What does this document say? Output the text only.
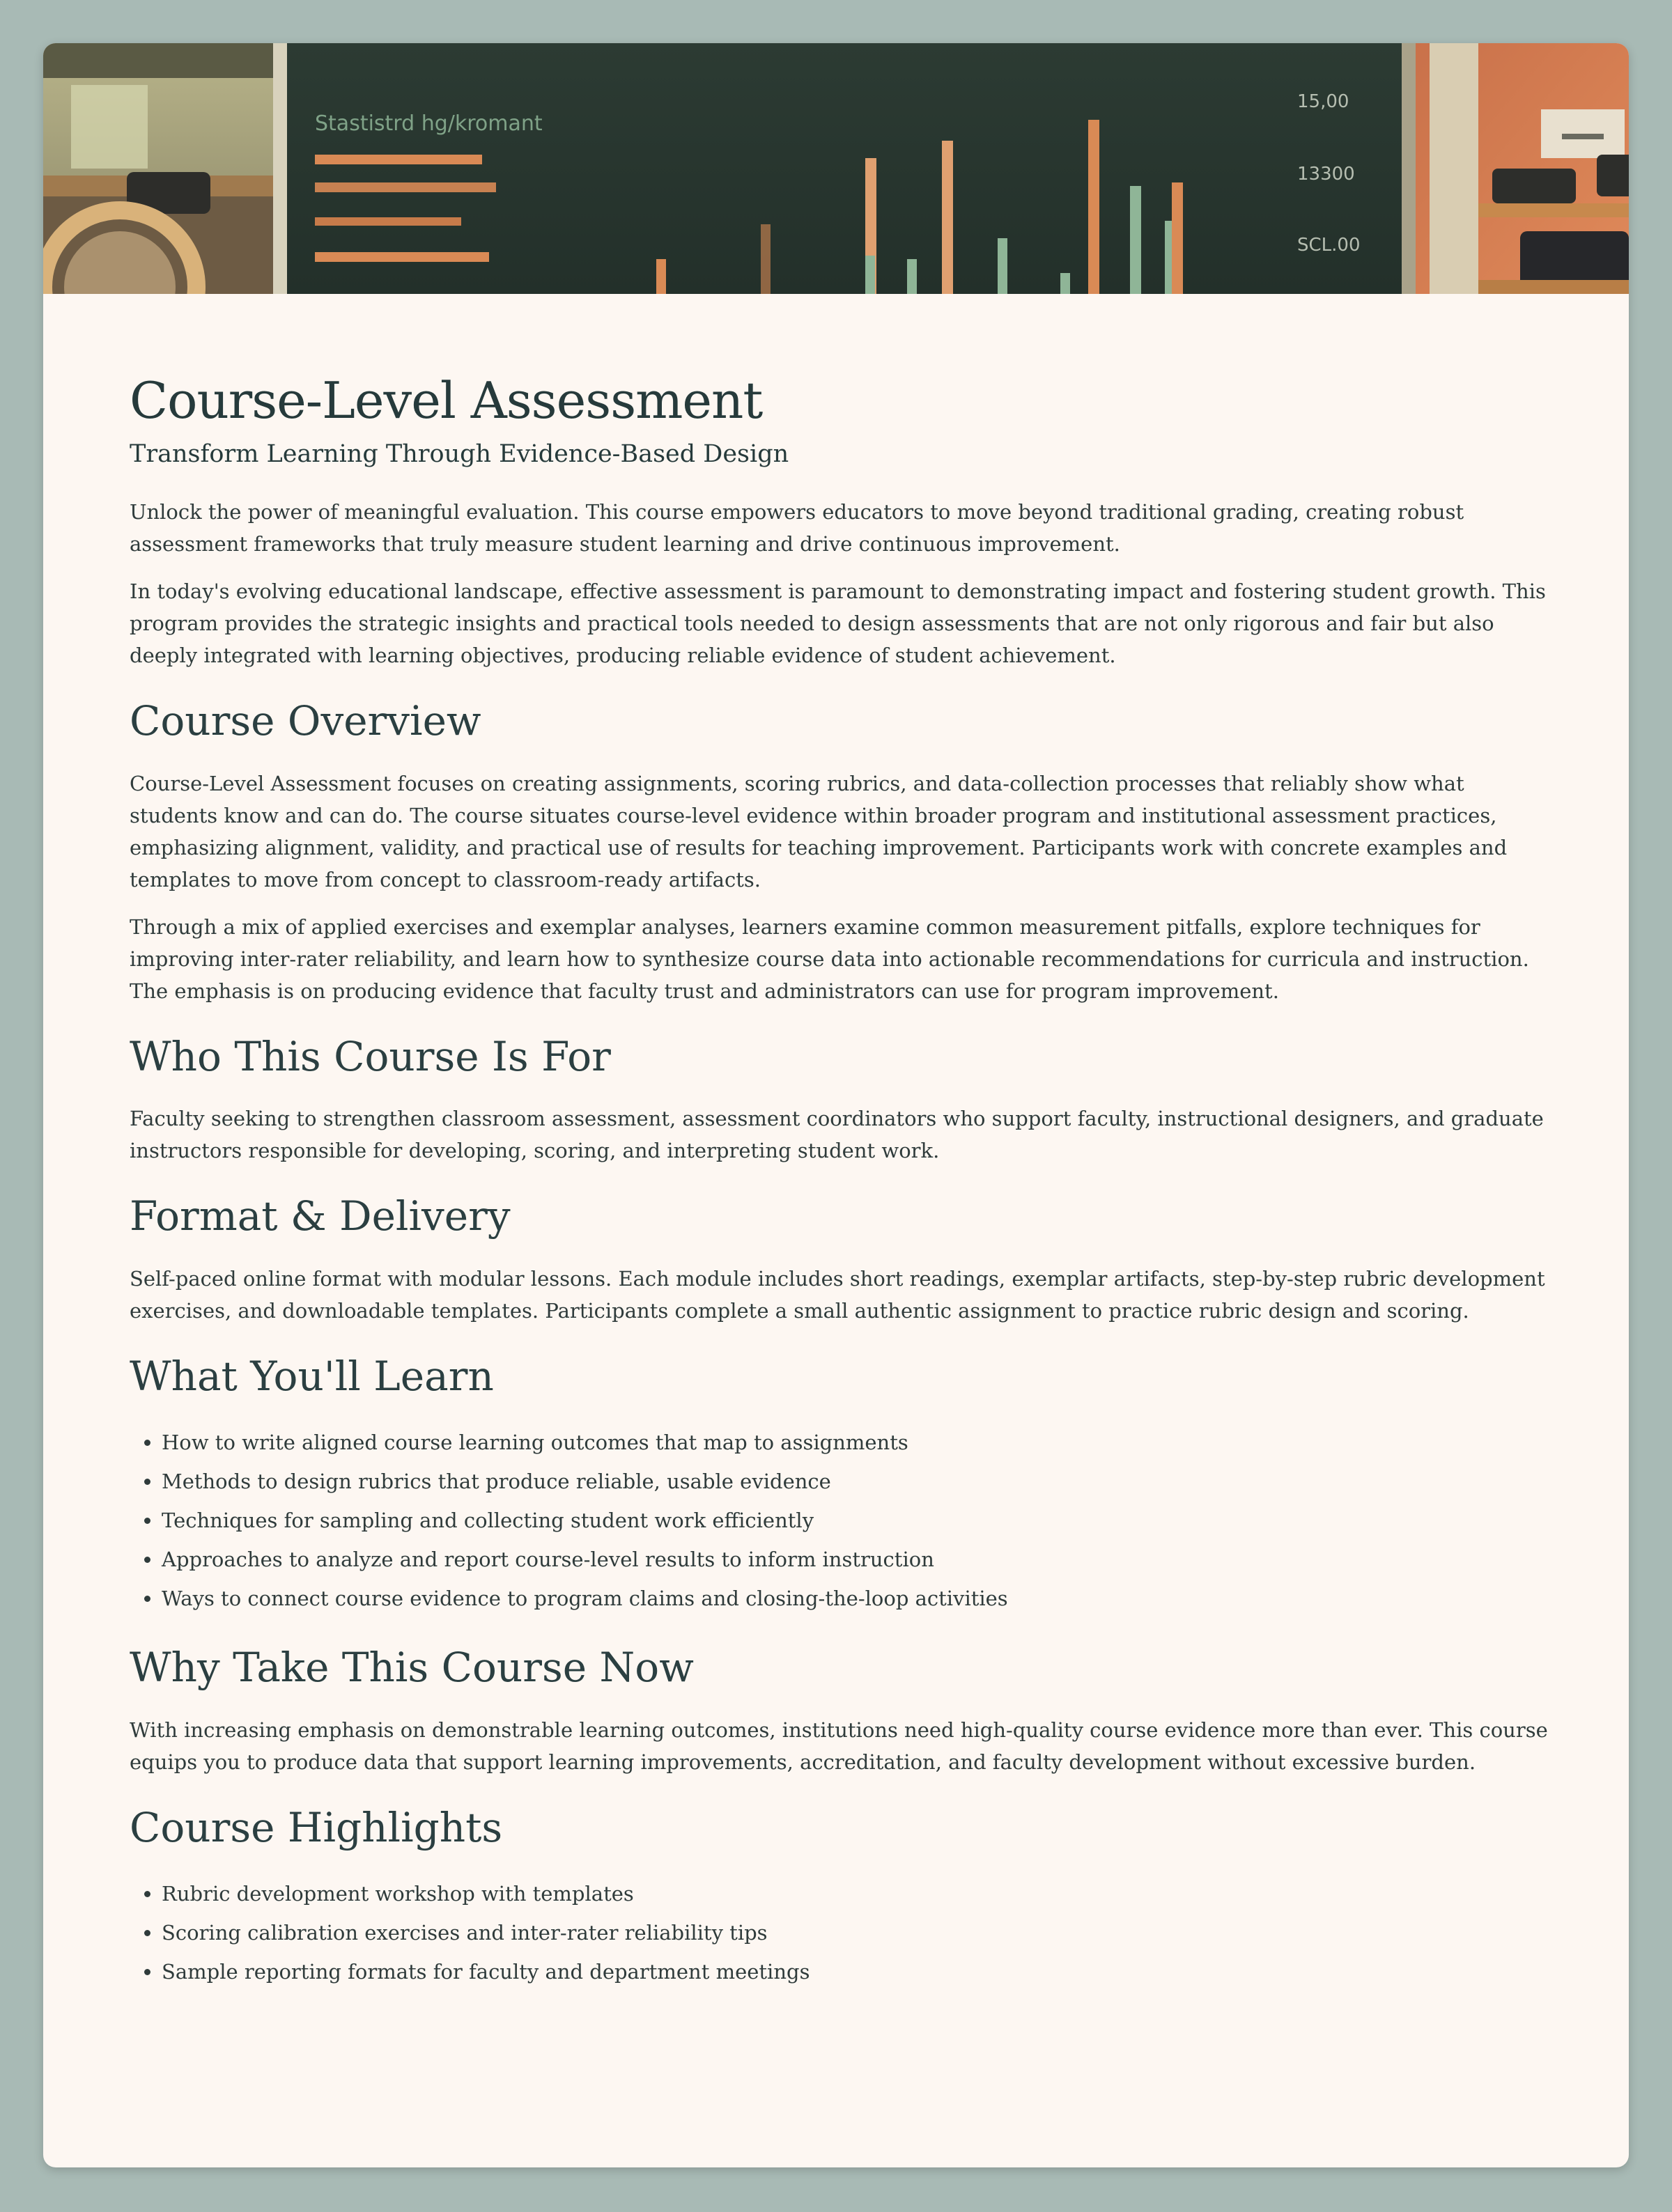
Stastistrd hg/kromant
15,00
13300
SCL.00
Course-Level Assessment
Transform Learning Through Evidence-Based Design

Unlock the power of meaningful evaluation. This course empowers educators to move beyond traditional grading, creating robust assessment frameworks that truly measure student learning and drive continuous improvement.

In today's evolving educational landscape, effective assessment is paramount to demonstrating impact and fostering student growth. This program provides the strategic insights and practical tools needed to design assessments that are not only rigorous and fair but also deeply integrated with learning objectives, producing reliable evidence of student achievement.

Course Overview

Course-Level Assessment focuses on creating assignments, scoring rubrics, and data-collection processes that reliably show what students know and can do. The course situates course-level evidence within broader program and institutional assessment practices, emphasizing alignment, validity, and practical use of results for teaching improvement. Participants work with concrete examples and templates to move from concept to classroom-ready artifacts.

Through a mix of applied exercises and exemplar analyses, learners examine common measurement pitfalls, explore techniques for improving inter-rater reliability, and learn how to synthesize course data into actionable recommendations for curricula and instruction. The emphasis is on producing evidence that faculty trust and administrators can use for program improvement.

Who This Course Is For

Faculty seeking to strengthen classroom assessment, assessment coordinators who support faculty, instructional designers, and graduate instructors responsible for developing, scoring, and interpreting student work.

Format & Delivery

Self-paced online format with modular lessons. Each module includes short readings, exemplar artifacts, step-by-step rubric development exercises, and downloadable templates. Participants complete a small authentic assignment to practice rubric design and scoring.

What You'll Learn
• How to write aligned course learning outcomes that map to assignments
• Methods to design rubrics that produce reliable, usable evidence
• Techniques for sampling and collecting student work efficiently
• Approaches to analyze and report course-level results to inform instruction
• Ways to connect course evidence to program claims and closing-the-loop activities
Why Take This Course Now

With increasing emphasis on demonstrable learning outcomes, institutions need high-quality course evidence more than ever. This course equips you to produce data that support learning improvements, accreditation, and faculty development without excessive burden.

Course Highlights
• Rubric development workshop with templates
• Scoring calibration exercises and inter-rater reliability tips
• Sample reporting formats for faculty and department meetings
